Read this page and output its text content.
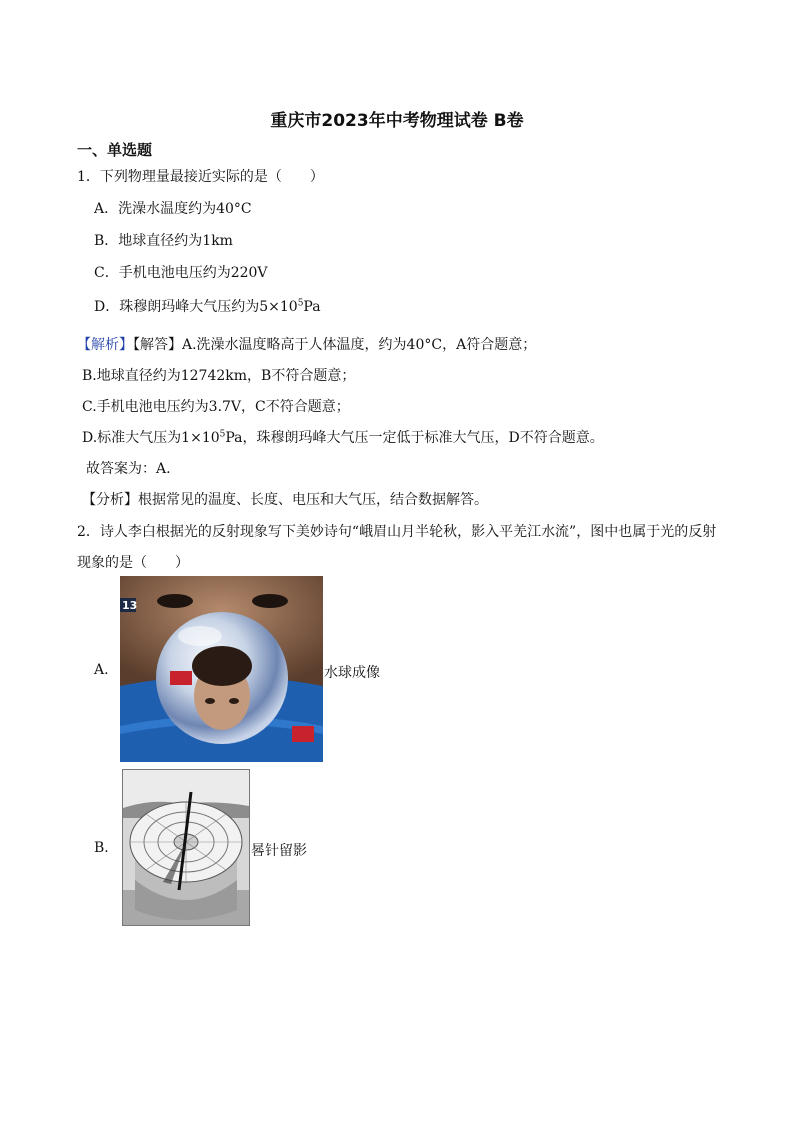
重庆市2023年中考物理试卷 B卷
一、单选题
1．下列物理量最接近实际的是（　　）
A．洗澡水温度约为40°C
B．地球直径约为1km
C．手机电池电压约为220V
D．珠穆朗玛峰大气压约为$5\times 10^5Pa$
【解析】【解答】A.洗澡水温度略高于人体温度，约为40°C，A符合题意；
B.地球直径约为12742km，B不符合题意；
C.手机电池电压约为3.7V，C不符合题意；
D.标准大气压为$1\times 10^5Pa$，珠穆朗玛峰大气压一定低于标准大气压，D不符合题意。
故答案为：A.
【分析】根据常见的温度、长度、电压和大气压，结合数据解答。
2．诗人李白根据光的反射现象写下美妙诗句“峨眉山月半轮秋，影入平羌江水流”，图中也属于光的反射
现象的是（　　）
A.
13
水球成像
B.	晷针留影
